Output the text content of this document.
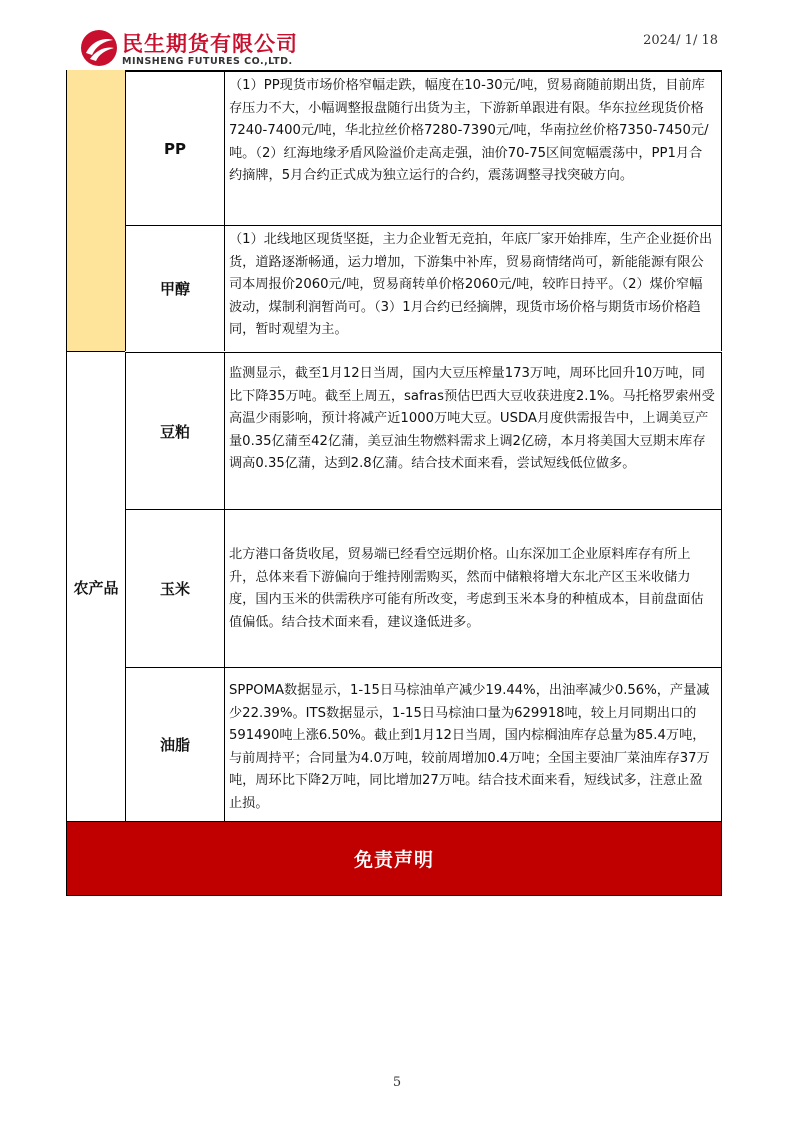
民生期货有限公司
MINSHENG FUTURES CO.,LTD.
2024/ 1/ 18
农产品
PP
（1）PP现货市场价格窄幅走跌，幅度在10-30元/吨，贸易商随前期出货，目前库存压力不大，小幅调整报盘随行出货为主，下游新单跟进有限。华东拉丝现货价格7240-7400元/吨，华北拉丝价格7280-7390元/吨，华南拉丝价格7350-7450元/吨。（2）红海地缘矛盾风险溢价走高走强，油价70-75区间宽幅震荡中，PP1月合约摘牌，5月合约正式成为独立运行的合约，震荡调整寻找突破方向。
甲醇
（1）北线地区现货坚挺，主力企业暂无竞拍，年底厂家开始排库，生产企业挺价出货，道路逐渐畅通，运力增加，下游集中补库，贸易商情绪尚可，新能能源有限公司本周报价2060元/吨，贸易商转单价格2060元/吨，较昨日持平。（2）煤价窄幅波动，煤制利润暂尚可。（3）1月合约已经摘牌，现货市场价格与期货市场价格趋同，暂时观望为主。
豆粕
监测显示，截至1月12日当周，国内大豆压榨量173万吨，周环比回升10万吨，同比下降35万吨。截至上周五，safras预估巴西大豆收获进度2.1%。马托格罗索州受高温少雨影响，预计将减产近1000万吨大豆。USDA月度供需报告中，上调美豆产量0.35亿蒲至42亿蒲，美豆油生物燃料需求上调2亿磅，本月将美国大豆期末库存调高0.35亿蒲，达到2.8亿蒲。结合技术面来看，尝试短线低位做多。
玉米
北方港口备货收尾，贸易端已经看空远期价格。山东深加工企业原料库存有所上升，总体来看下游偏向于维持刚需购买，然而中储粮将增大东北产区玉米收储力度，国内玉米的供需秩序可能有所改变，考虑到玉米本身的种植成本，目前盘面估值偏低。结合技术面来看，建议逢低进多。
油脂
SPPOMA数据显示，1-15日马棕油单产减少19.44%，出油率减少0.56%，产量减少22.39%。ITS数据显示，1-15日马棕油口量为629918吨，较上月同期出口的591490吨上涨6.50%。截止到1月12日当周，国内棕榈油库存总量为85.4万吨，与前周持平；合同量为4.0万吨，较前周增加0.4万吨；全国主要油厂菜油库存37万吨，周环比下降2万吨，同比增加27万吨。结合技术面来看，短线试多，注意止盈止损。
免责声明
5
